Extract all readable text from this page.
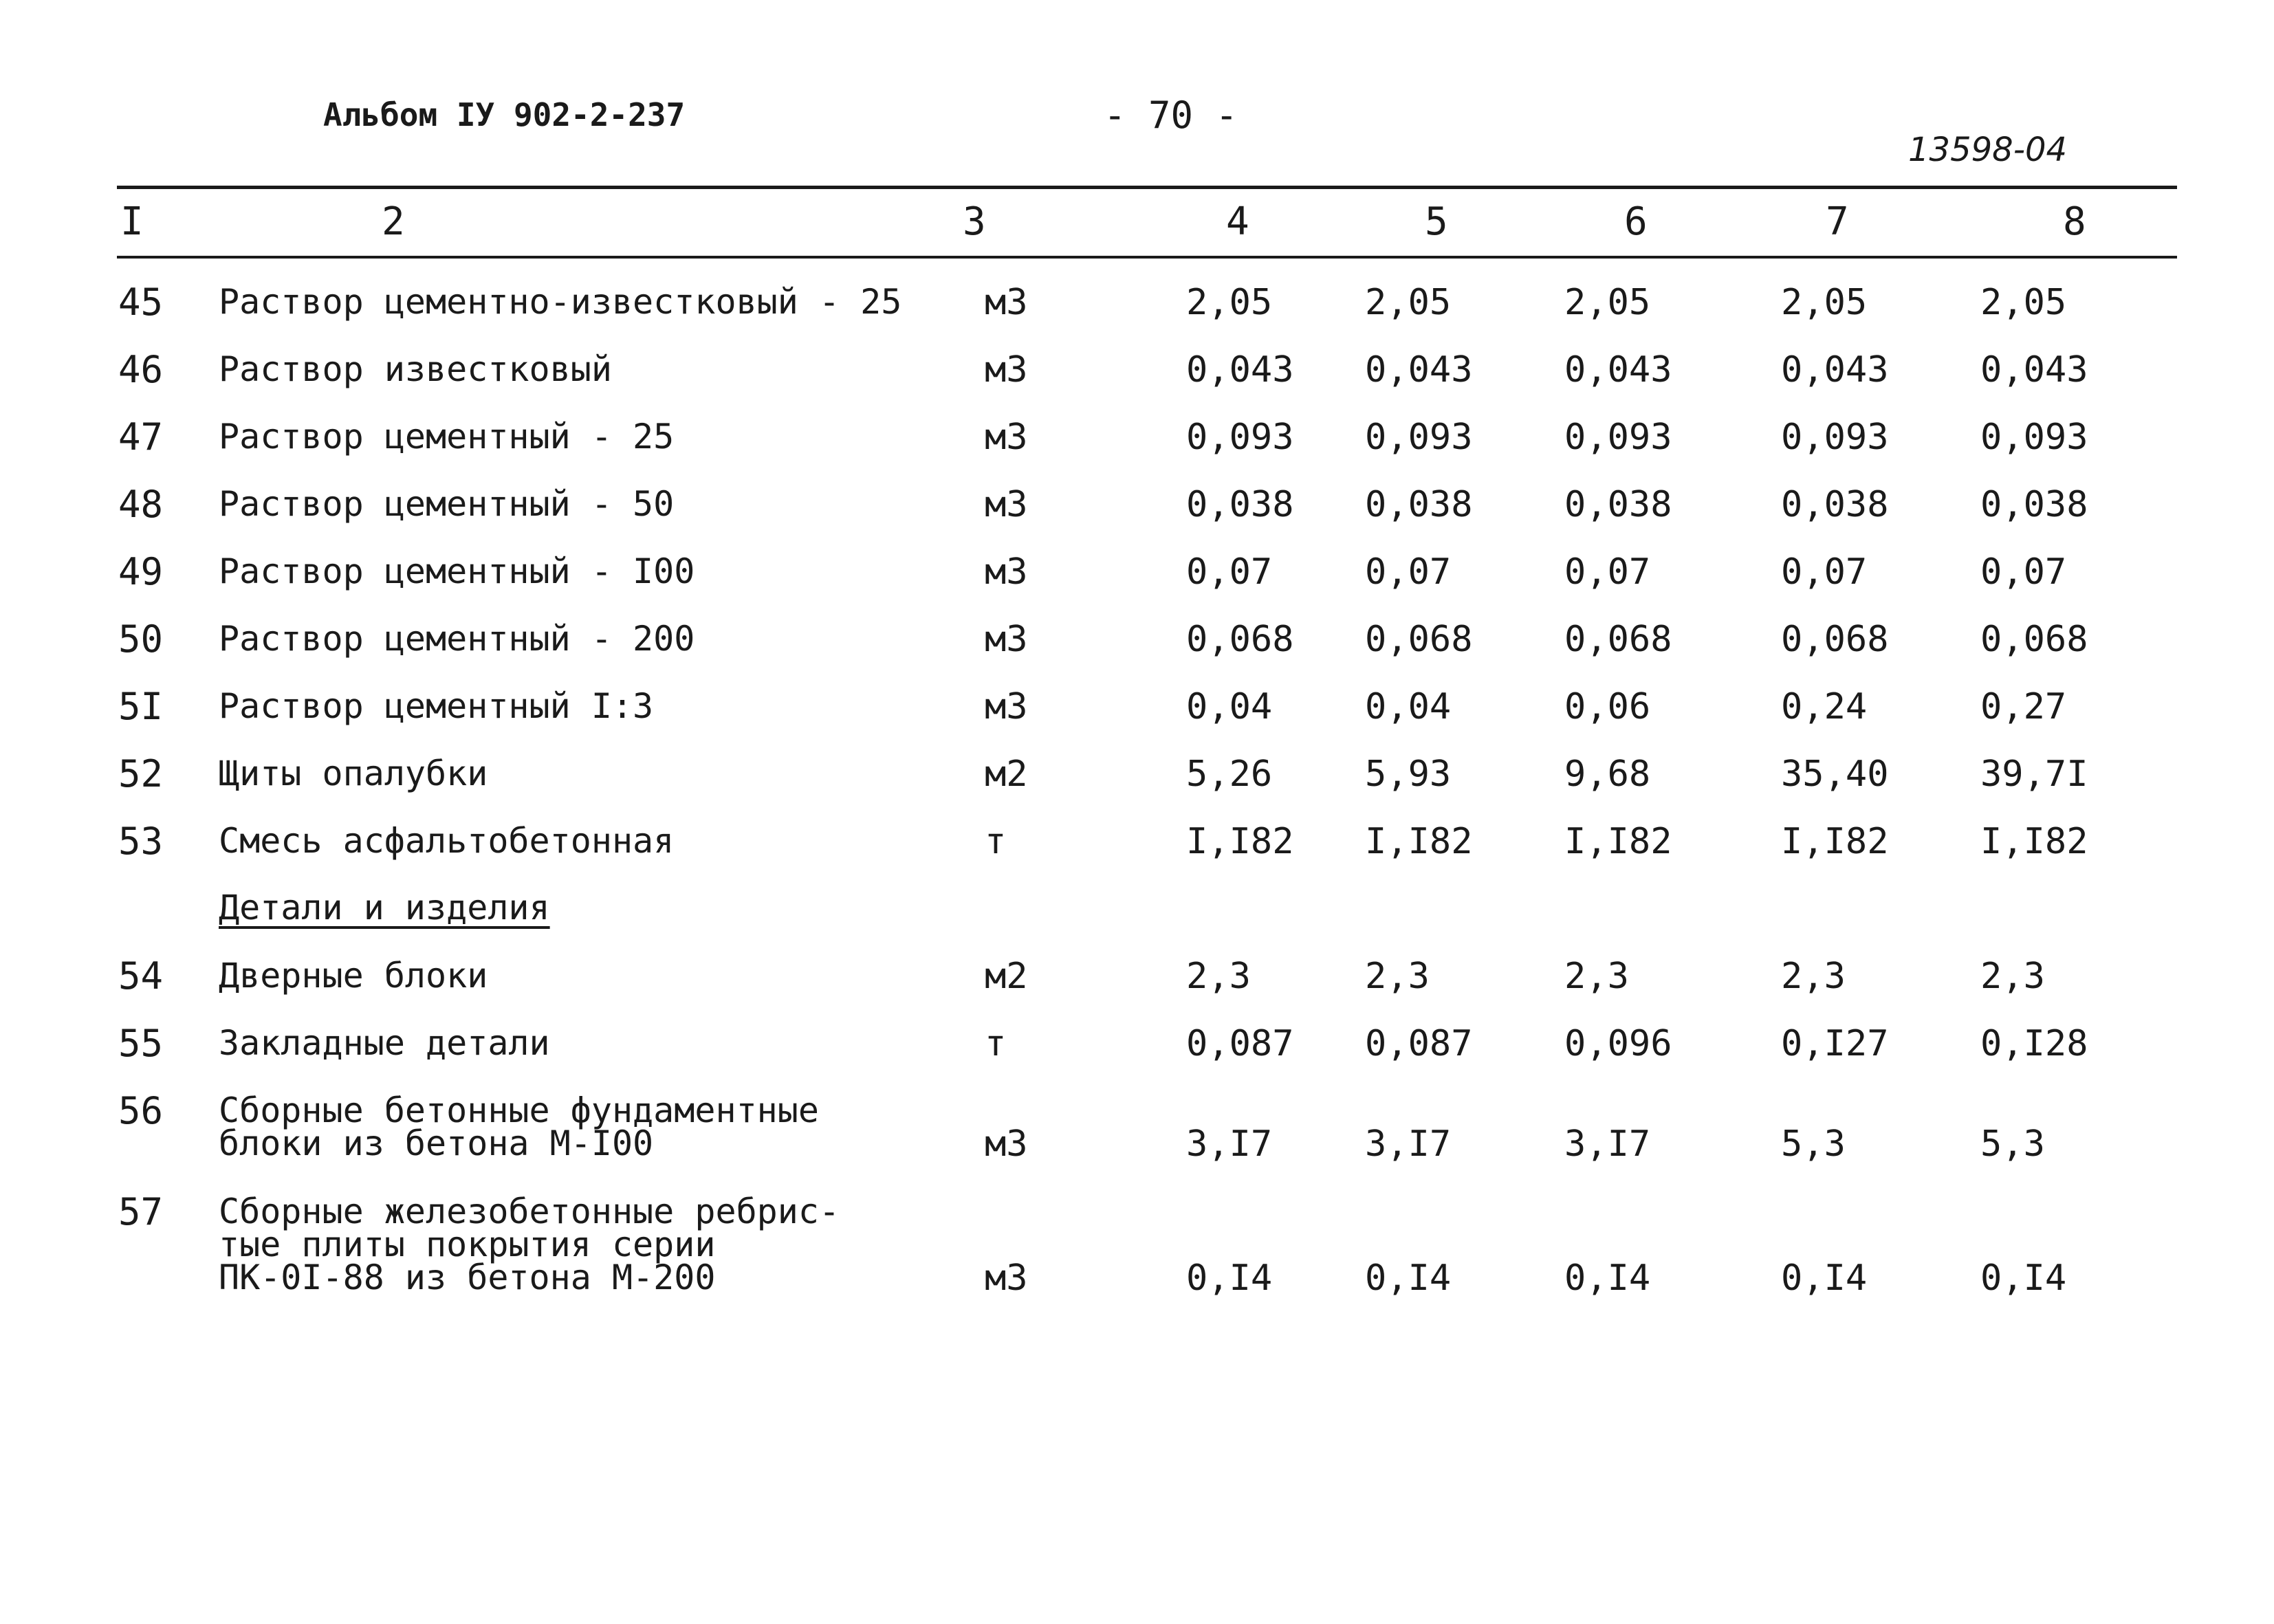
Альбом IУ 902-2-237	- 70 -
13598-04
I	2	3	4	5	6	7	8
45 Раствор цементно-известковый - 25 м3	2,05	2,05	2,05	2,05	2,05
46 Раствор известковый	м3	0,043 0,043	0,043	0,043	0,043
47 Раствор цементный - 25	м3	0,093 0,093	0,093	0,093	0,093
48 Раствор цементный - 50	м3	0,038 0,038	0,038	0,038	0,038
49 Раствор цементный - I00	м3	0,07	0,07	0,07	0,07	0,07
50 Раствор цементный - 200	м3	0,068 0,068	0,068	0,068	0,068
5I Раствор цементный I:3	м3	0,04	0,04	0,06	0,24	0,27
52 Щиты опалубки	м2	5,26	5,93	9,68	35,40	39,7I
53 Смесь асфальтобетонная	т	I,I82 I,I82	I,I82	I,I82	I,I82
Детали и изделия
54 Дверные блоки	м2	2,3	2,3	2,3	2,3	2,3
55 Закладные детали	т	0,087 0,087	0,096	0,I27	0,I28
56 Сборные бетонные фундаментные
блоки из бетона М-I00	м3	3,I7	3,I7	3,I7	5,3	5,3
57 Сборные железобетонные ребрис-
тые плиты покрытия серии
ПК-0I-88 из бетона М-200	м3	0,I4	0,I4	0,I4	0,I4	0,I4
